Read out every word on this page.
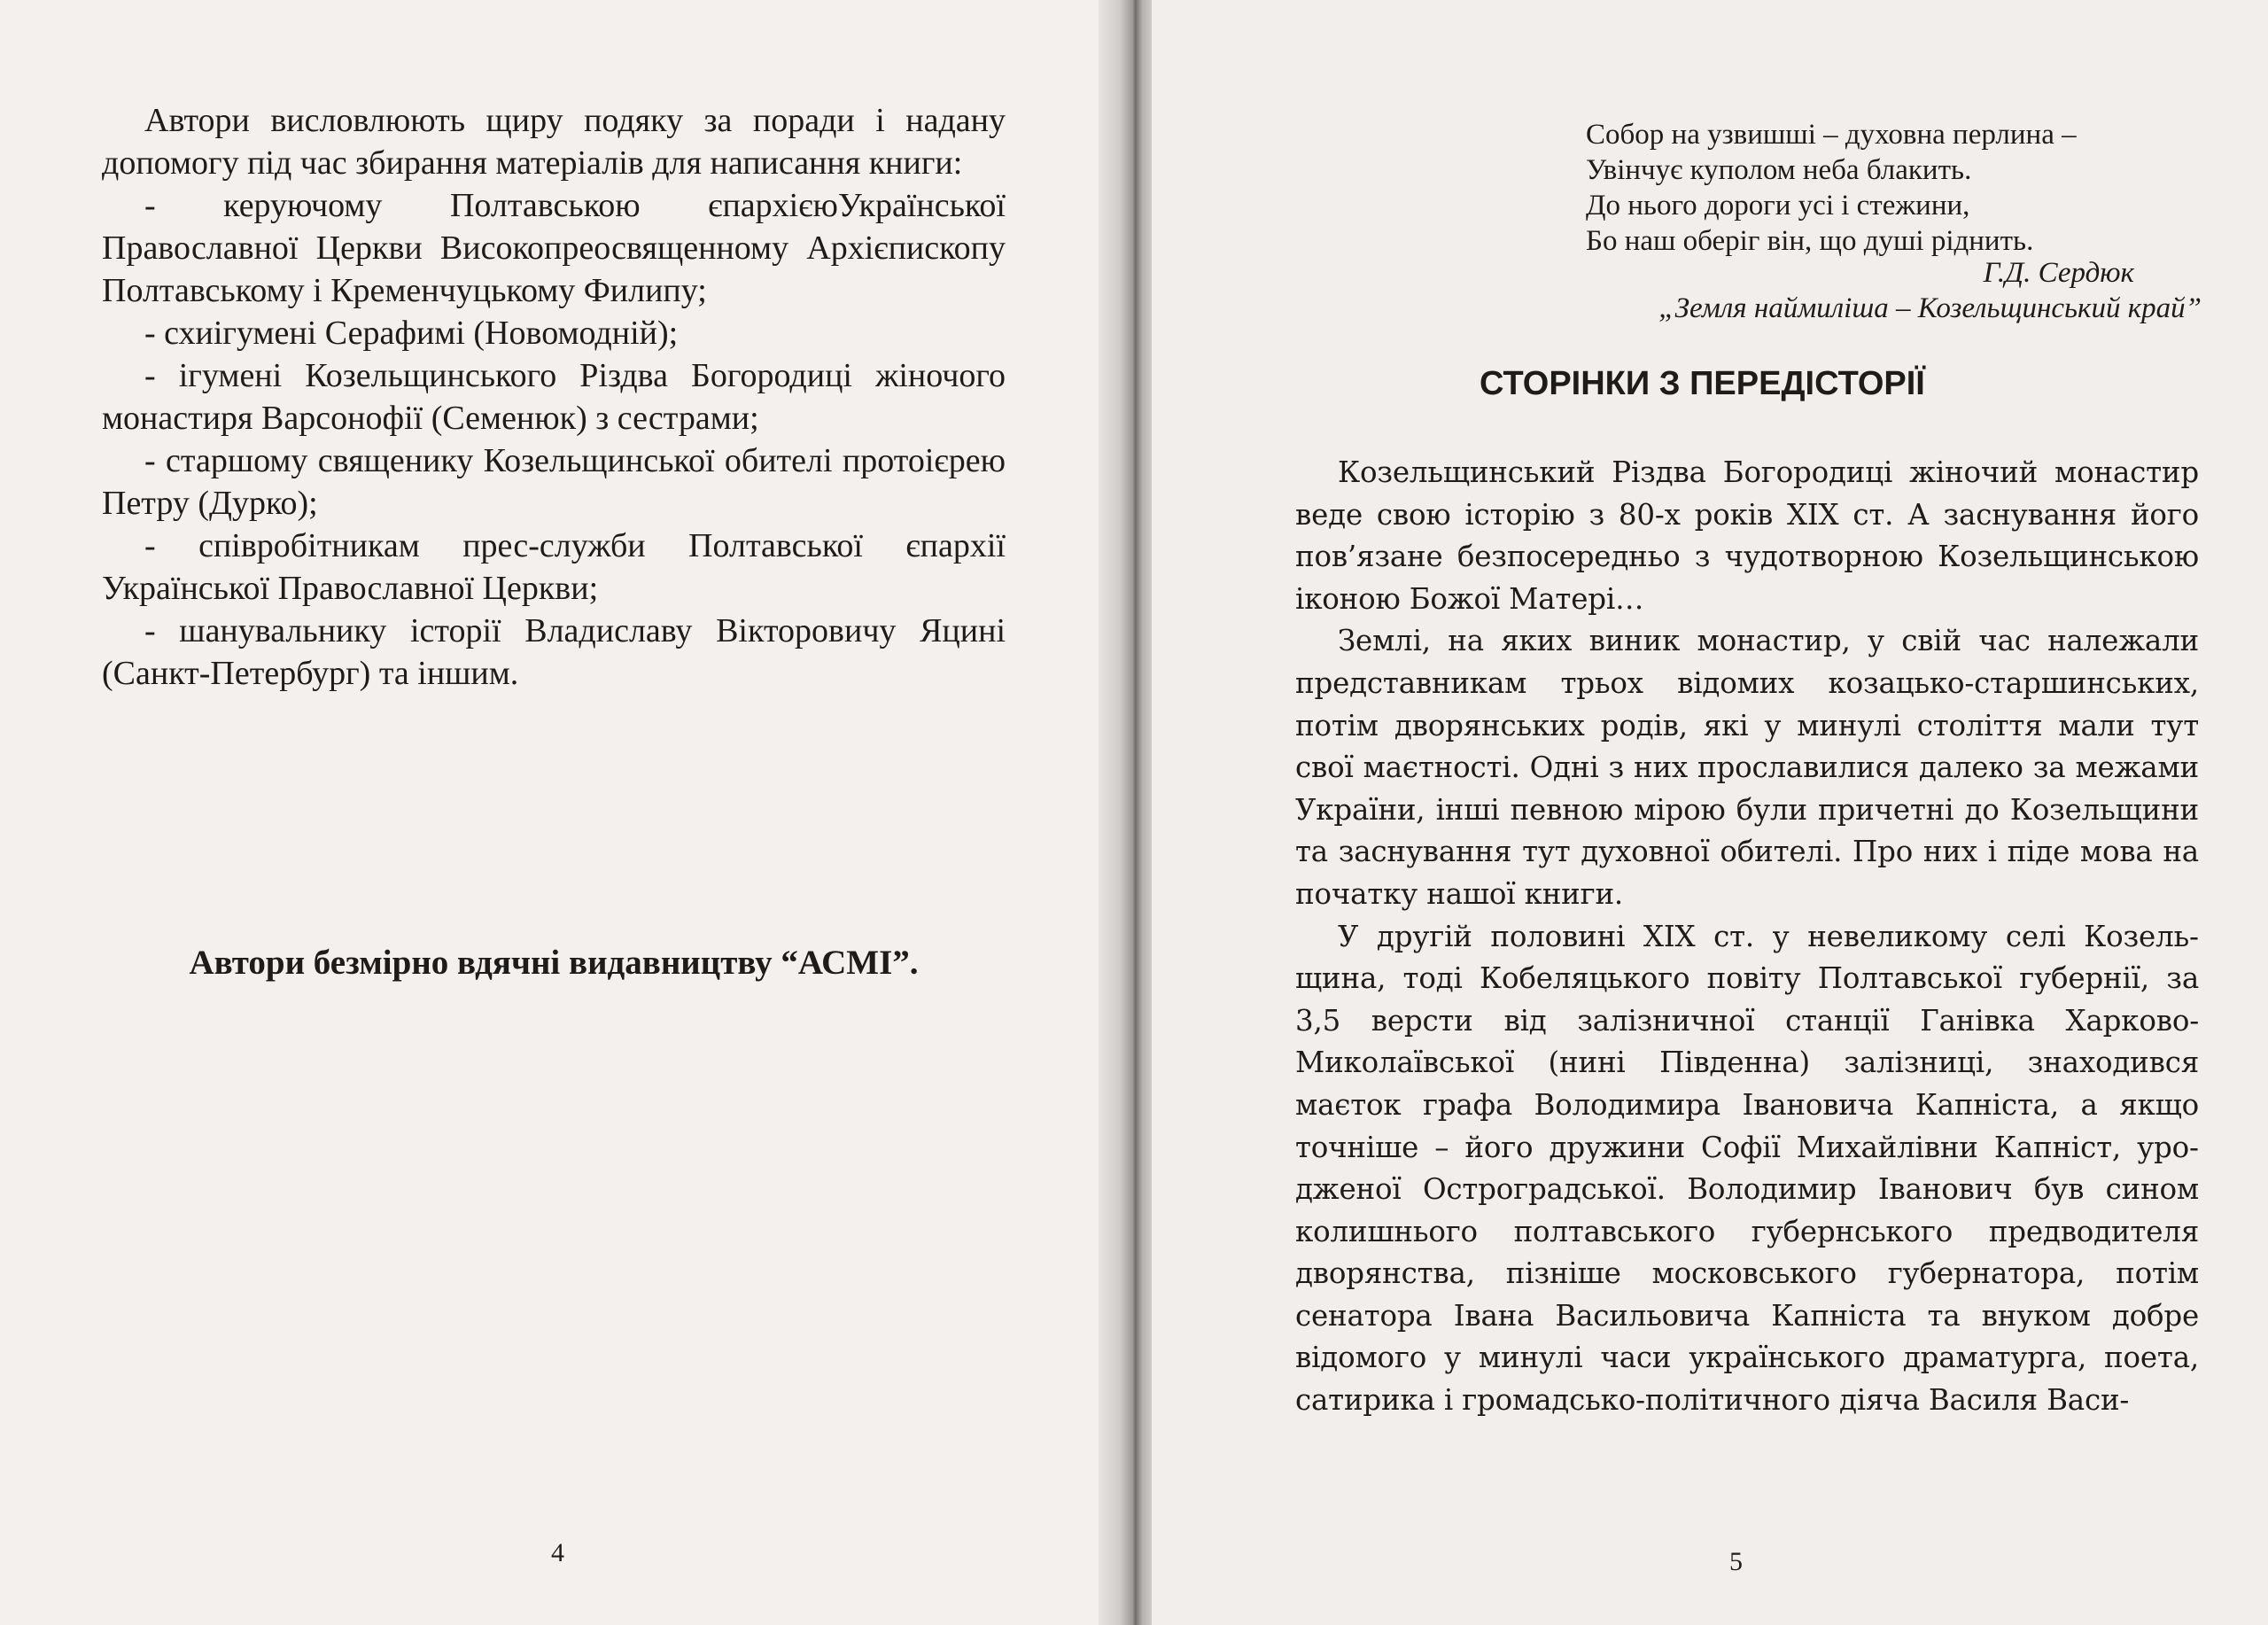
Автори висловлюють щиру подяку за поради і надану допомогу під час збирання матеріалів для написання книги:

- керуючому Полтавською єпархієюУкраїнської Православної Церкви Високопреосвященному Архієпископу Полтавському і Кременчуцькому Филипу;

- схиігумені Серафимі (Новомодній);

- ігумені Козельщинського Різдва Богородиці жіночого монастиря Варсонофії (Семенюк) з сестрами;

- старшому священику Козельщинської обителі протоієрею Петру (Дурко);

- співробітникам прес-служби Полтавської єпархії Української Православної Церкви;

- шанувальнику історії Владиславу Вікторовичу Яцині (Санкт-Петербург) та іншим.

Автори безмірно вдячні видавництву “АСМІ”.
4
Собор на узвишші – духовна перлина –
Увінчує куполом неба блакить.
До нього дороги усі і стежини,
Бо наш оберіг він, що душі ріднить.
Г.Д. Сердюк
„Земля наймиліша – Козельщинський край”
СТОРІНКИ З ПЕРЕДІСТОРІЇ

Козельщинський Різдва Богородиці жіночий монастир веде свою історію з 80-х років XIX ст. А заснування його пов’язане безпосередньо з чудотворною Козельщинською іконою Божої Матері…

Землі, на яких виник монастир, у свій час належали представникам трьох відомих козацько-старшинських, потім дворянських родів, які у минулі століття мали тут свої маєтності. Одні з них прославилися далеко за межами України, інші певною мірою були причетні до Козельщини та заснування тут духовної обителі. Про них і піде мова на початку нашої книги.

У другій половині XIX ст. у невеликому селі Козельщина, тоді Кобеляцького повіту Полтавської губернії, за 3,5 версти від залізничної станції Ганівка Харково-Миколаївської (нині Південна) залізниці, знаходився маєток графа Володимира Івановича Капніста, а якщо точніше – його дружини Софії Михайлівни Капніст, уродженої Остроградської. Володимир Іванович був сином колишнього полтавського губернського предводителя дворянства, пізніше московського губернатора, потім сенатора Івана Васильовича Капніста та внуком добре відомого у минулі часи українського драматурга, поета, сатирика і громадсько-політичного діяча Василя Васи-

5
